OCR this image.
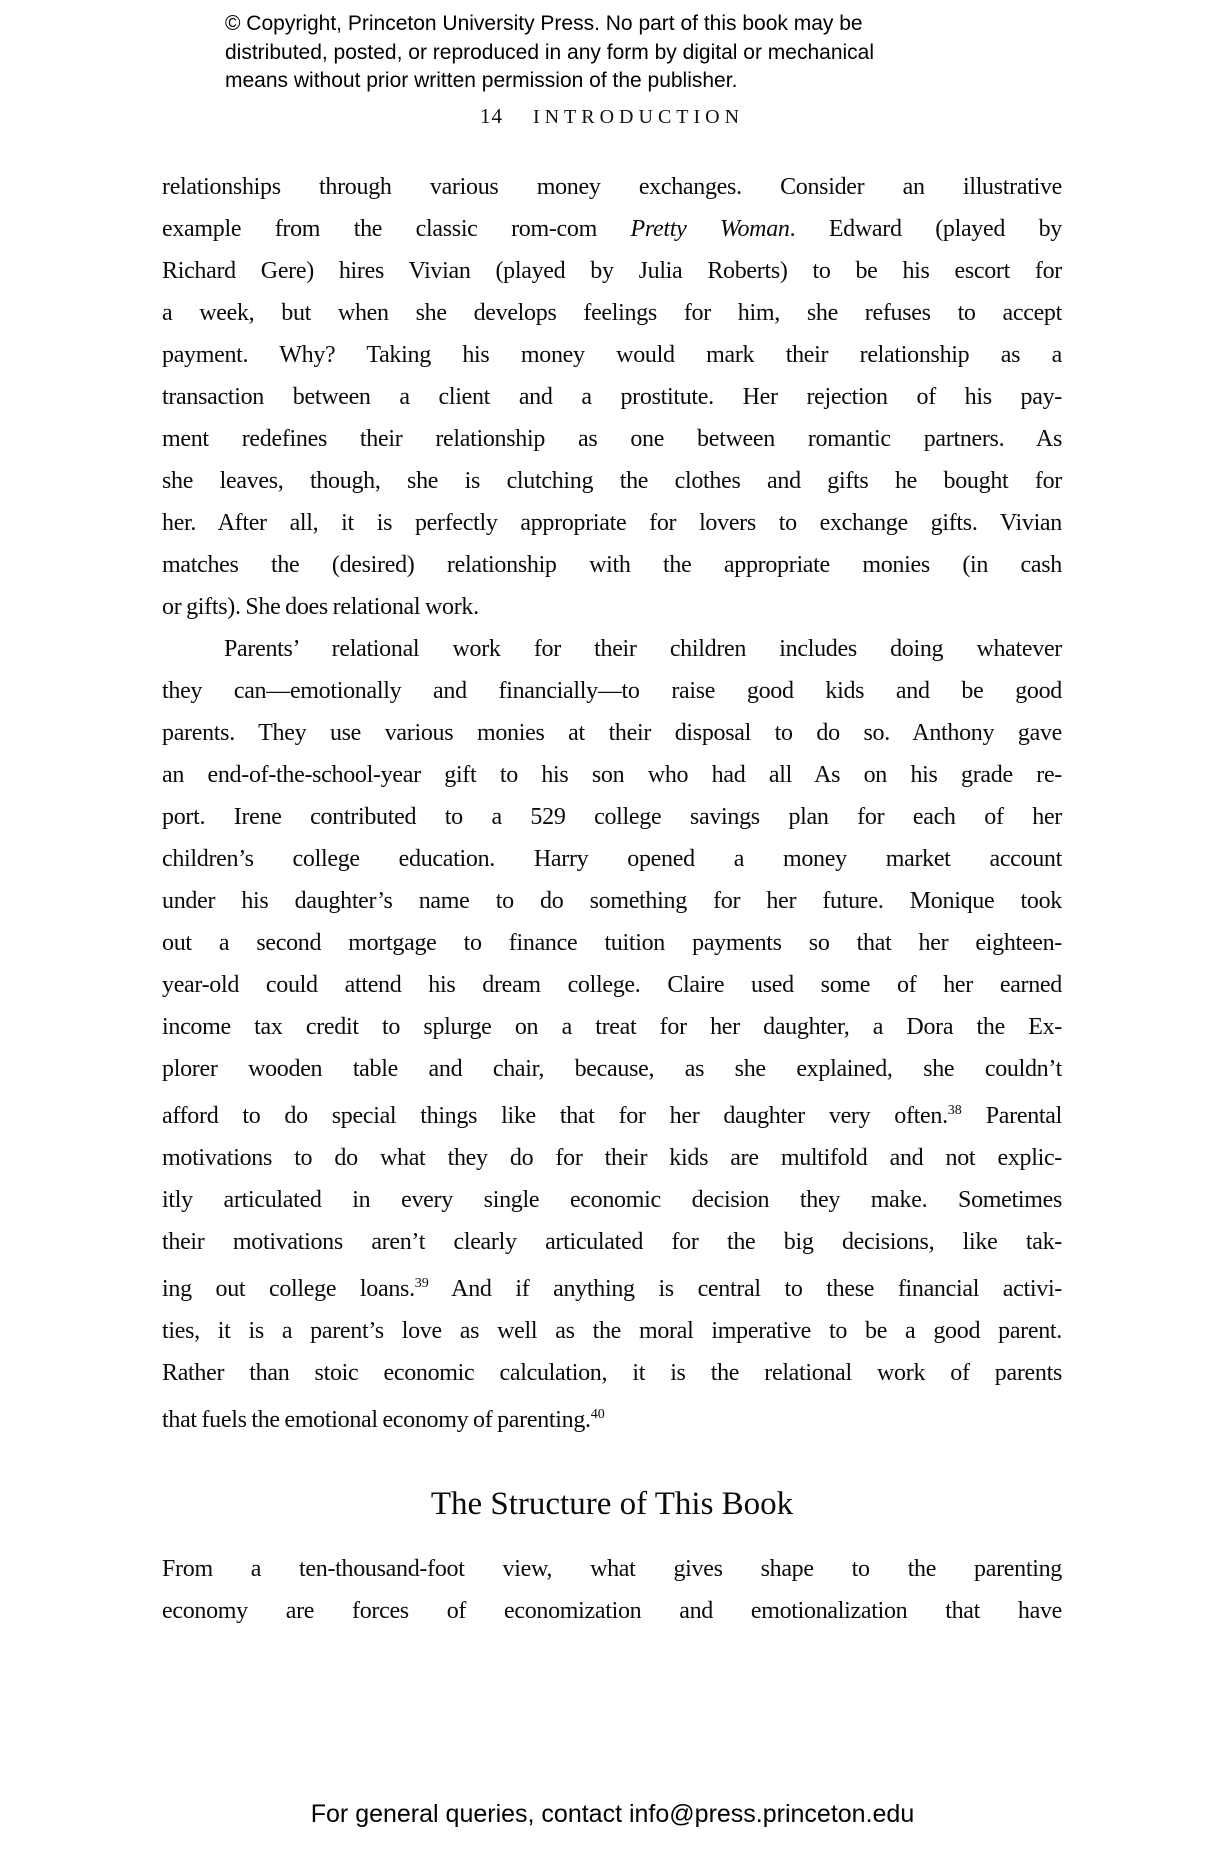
© Copyright, Princeton University Press. No part of this book may be
distributed, posted, or reproduced in any form by digital or mechanical
means without prior written permission of the publisher.
14 INTRODUCTION
relationships through various money exchanges. Consider an illustrative
example from the classic rom-com Pretty Woman. Edward (played by
Richard Gere) hires Vivian (played by Julia Roberts) to be his escort for
a week, but when she develops feelings for him, she refuses to accept
payment. Why? Taking his money would mark their relationship as a
transaction between a client and a prostitute. Her rejection of his pay-
ment redefines their relationship as one between romantic partners. As
she leaves, though, she is clutching the clothes and gifts he bought for
her. After all, it is perfectly appropriate for lovers to exchange gifts. Vivian
matches the (desired) relationship with the appropriate monies (in cash
or gifts). She does relational work.
Parents’ relational work for their children includes doing whatever
they can—emotionally and financially—to raise good kids and be good
parents. They use various monies at their disposal to do so. Anthony gave
an end-of-the-school-year gift to his son who had all As on his grade re-
port. Irene contributed to a 529 college savings plan for each of her
children’s college education. Harry opened a money market account
under his daughter’s name to do something for her future. Monique took
out a second mortgage to finance tuition payments so that her eighteen-
year-old could attend his dream college. Claire used some of her earned
income tax credit to splurge on a treat for her daughter, a Dora the Ex-
plorer wooden table and chair, because, as she explained, she couldn’t
afford to do special things like that for her daughter very often.$^{38}$ Parental
motivations to do what they do for their kids are multifold and not explic-
itly articulated in every single economic decision they make. Sometimes
their motivations aren’t clearly articulated for the big decisions, like tak-
ing out college loans.$^{39}$ And if anything is central to these financial activi-
ties, it is a parent’s love as well as the moral imperative to be a good parent.
Rather than stoic economic calculation, it is the relational work of parents
that fuels the emotional economy of parenting.$^{40}$
The Structure of This Book
From a ten-thousand-foot view, what gives shape to the parenting
economy are forces of economization and emotionalization that have
For general queries, contact info@press.princeton.edu
